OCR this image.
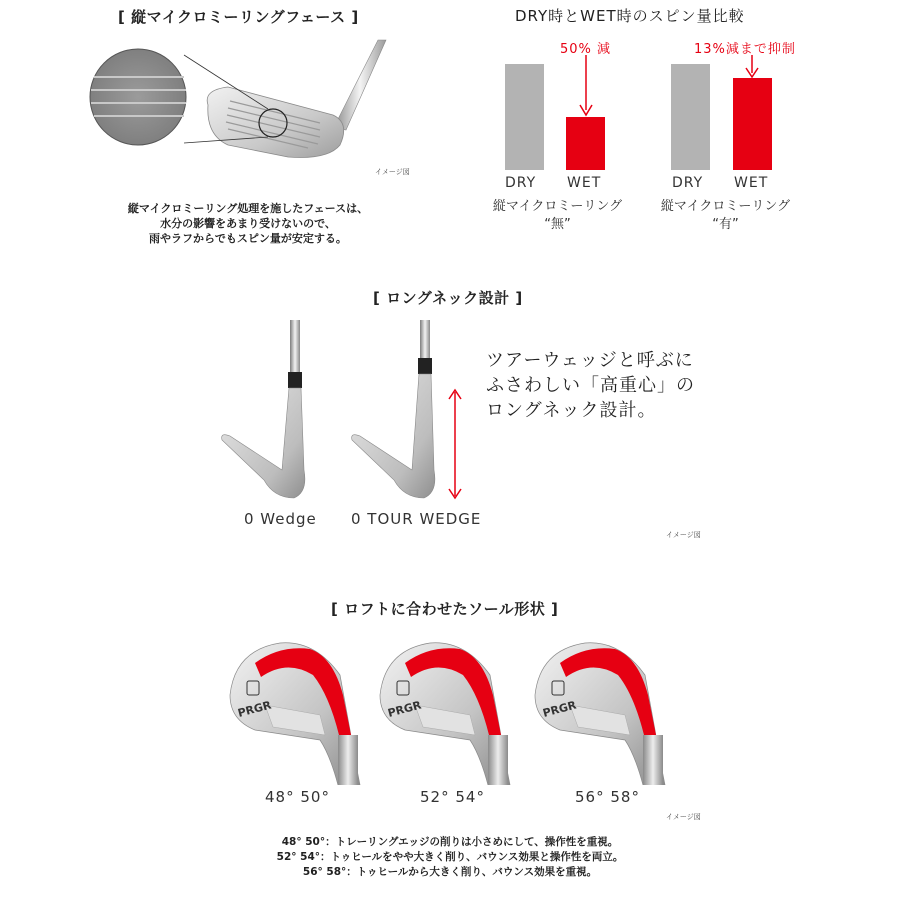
[ 縦マイクロミーリングフェース ]
イメージ図
縦マイクロミーリング処理を施したフェースは、
水分の影響をあまり受けないので、
雨やラフからでもスピン量が安定する。
DRY時とWET時のスピン量比較
50% 減
DRY WET
縦マイクロミーリング
“無”
13%減まで抑制
DRY WET
縦マイクロミーリング
“有”
[ ロングネック設計 ]
ツアーウェッジと呼ぶに
ふさわしい「高重心」の
ロングネック設計。
0 Wedge 0 TOUR WEDGE
イメージ図
[ ロフトに合わせたソール形状 ]
48° 50°	52° 54°	56° 58°
イメージ図
48° 50°：トレーリングエッジの削りは小さめにして、操作性を重視。
52° 54°：トゥヒールをやや大きく削り、バウンス効果と操作性を両立。
56° 58°：トゥヒールから大きく削り、バウンス効果を重視。
